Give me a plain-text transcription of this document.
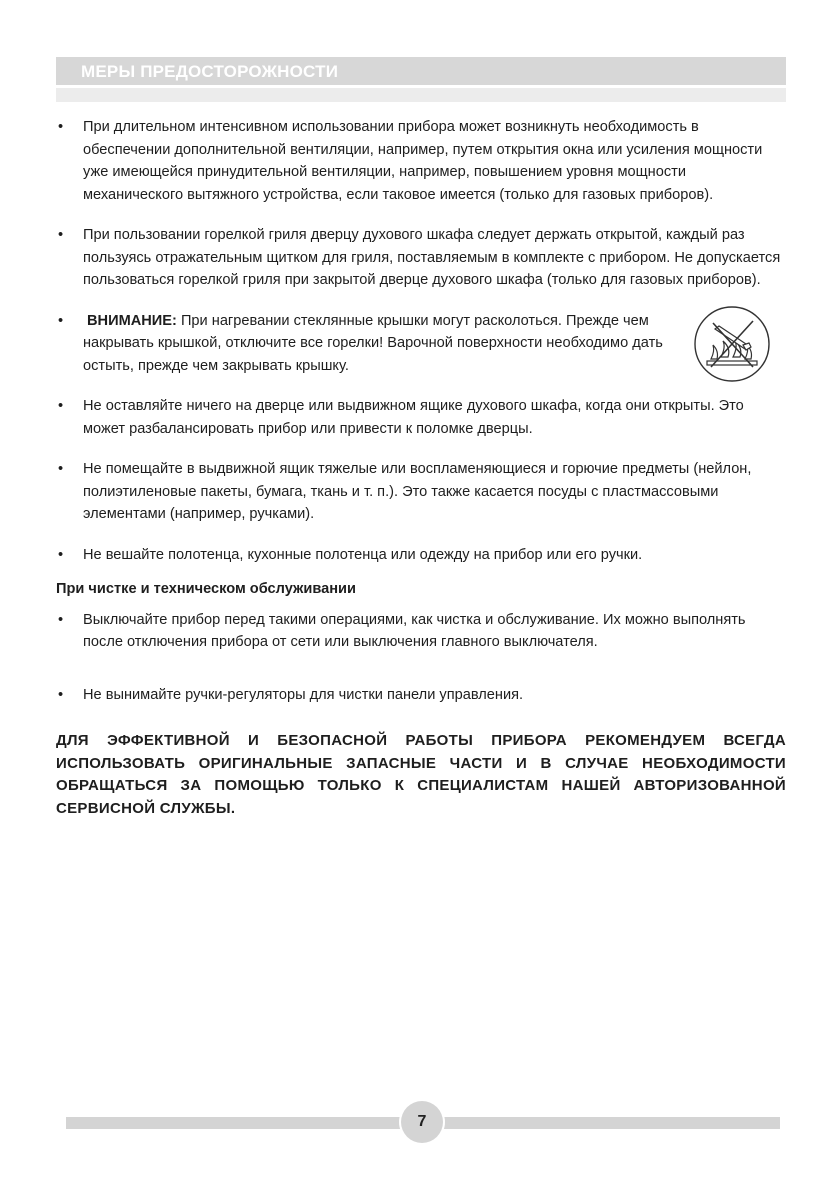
МЕРЫ ПРЕДОСТОРОЖНОСТИ
• При длительном интенсивном использовании прибора может возникнуть необходимость в обеспечении дополнительной вентиляции, например, путем открытия окна или усиления мощности уже имеющейся принудительной вентиляции, например, повышением уровня мощности механического вытяжного устройства, если таковое имеется (только для газовых приборов).
• При пользовании горелкой гриля дверцу духового шкафа следует держать открытой, каждый раз пользуясь отражательным щитком для гриля, поставляемым в комплекте с прибором. Не допускается пользоваться горелкой гриля при закрытой дверце духового шкафа (только для газовых приборов).
• ВНИМАНИЕ: При нагревании стеклянные крышки могут расколоться. Прежде чем накрывать крышкой, отключите все горелки! Варочной поверхности необходимо дать остыть, прежде чем закрывать крышку.
• Не оставляйте ничего на дверце или выдвижном ящике духового шкафа, когда они открыты. Это может разбалансировать прибор или привести к поломке дверцы.
• Не помещайте в выдвижной ящик тяжелые или воспламеняющиеся и горючие предметы (нейлон, полиэтиленовые пакеты, бумага, ткань и т. п.). Это также касается посуды с пластмассовыми элементами (например, ручками).
• Не вешайте полотенца, кухонные полотенца или одежду на прибор или его ручки.
При чистке и техническом обслуживании
• Выключайте прибор перед такими операциями, как чистка и обслуживание. Их можно выполнять после отключения прибора от сети или выключения главного выключателя.
• Не вынимайте ручки-регуляторы для чистки панели управления.
ДЛЯ ЭФФЕКТИВНОЙ И БЕЗОПАСНОЙ РАБОТЫ ПРИБОРА РЕКОМЕНДУЕМ ВСЕГДА ИСПОЛЬЗОВАТЬ ОРИГИНАЛЬНЫЕ ЗАПАСНЫЕ ЧАСТИ И В СЛУЧАЕ НЕОБХОДИМОСТИ ОБРАЩАТЬСЯ ЗА ПОМОЩЬЮ ТОЛЬКО К СПЕЦИАЛИСТАМ НАШЕЙ АВТОРИЗОВАННОЙ СЕРВИСНОЙ СЛУЖБЫ.
7
